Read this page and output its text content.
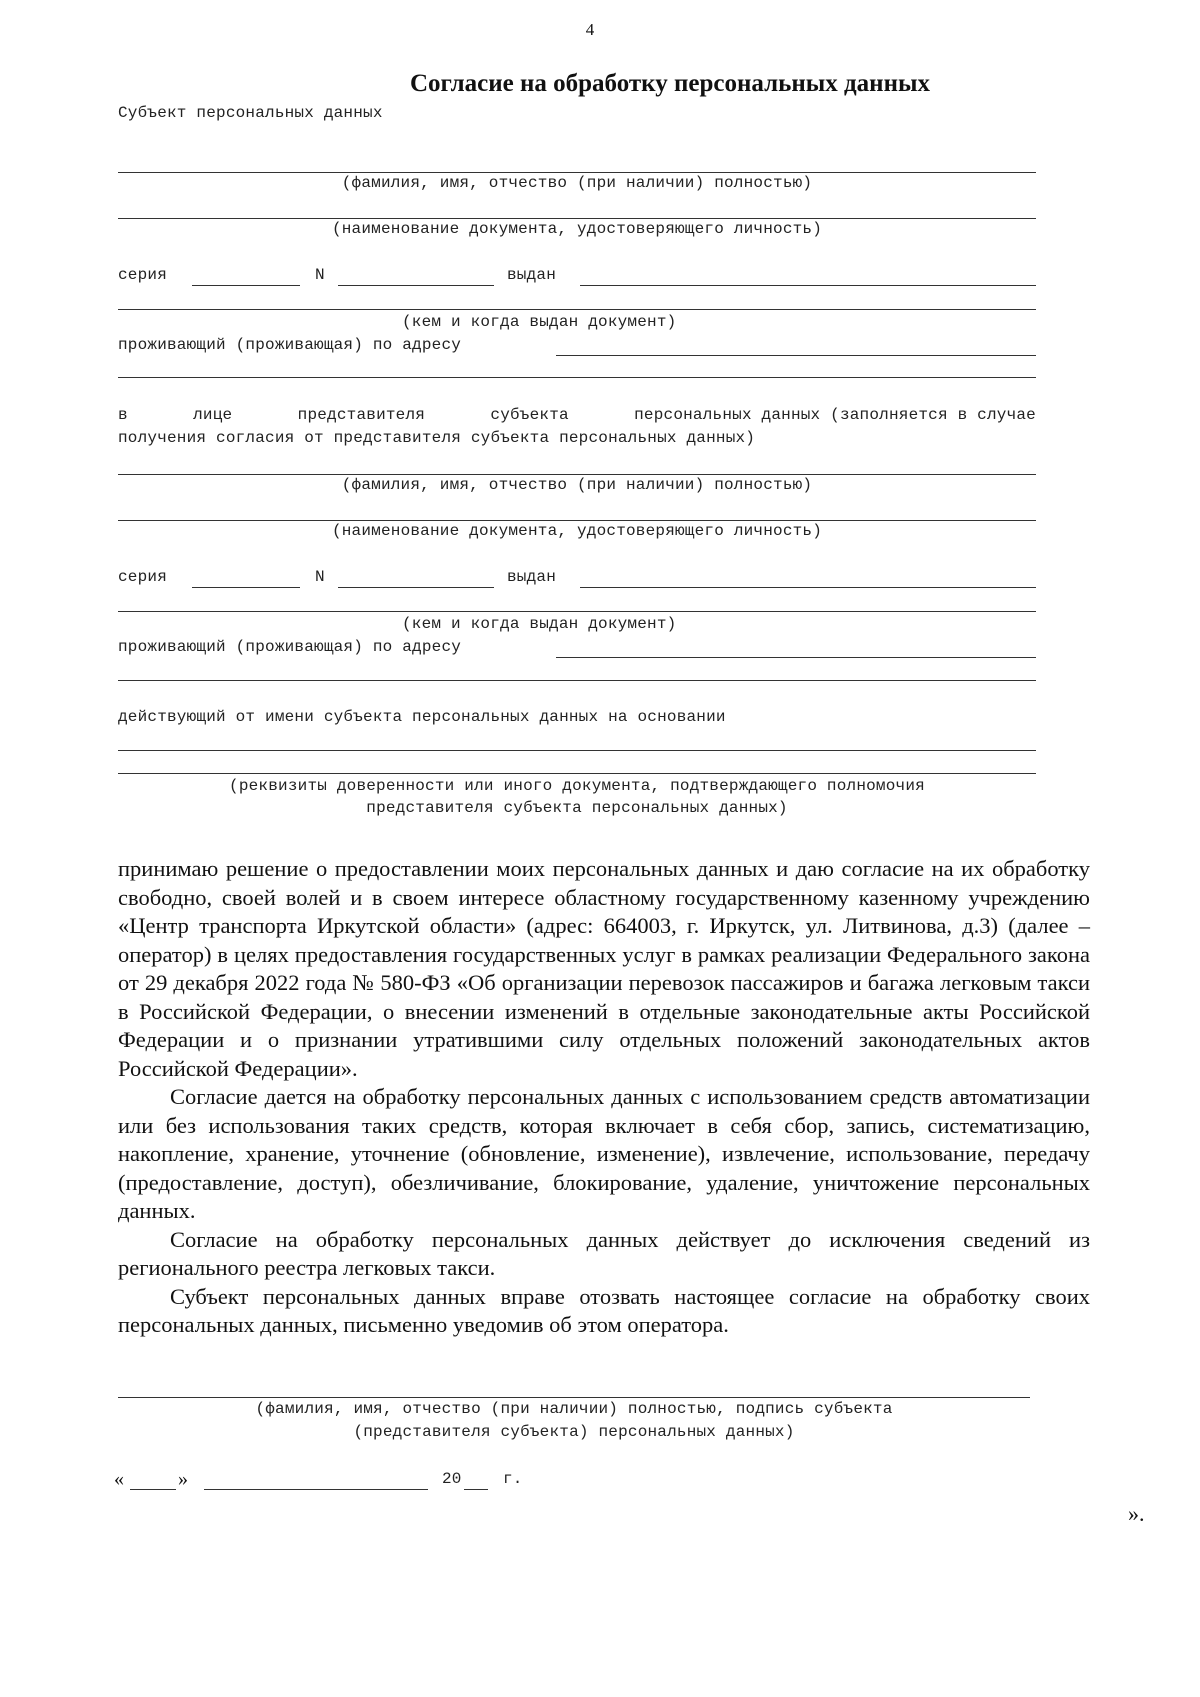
4
Согласие на обработку персональных данных
Субъект персональных данных
(фамилия, имя, отчество (при наличии) полностью)
(наименование документа, удостоверяющего личность)
серия	N	выдан
(кем и когда выдан документ)
проживающий (проживающая) по адресу
в	лице	представителя	субъекта	персональных данных (заполняется в случае
получения согласия от представителя субъекта персональных данных)
(фамилия, имя, отчество (при наличии) полностью)
(наименование документа, удостоверяющего личность)
серия	N	выдан
(кем и когда выдан документ)
проживающий (проживающая) по адресу
действующий от имени субъекта персональных данных на основании
(реквизиты доверенности или иного документа, подтверждающего полномочия
представителя субъекта персональных данных)

принимаю решение о предоставлении моих персональных данных и даю согласие на их обработку свободно, своей волей и в своем интересе областному государственному казенному учреждению «Центр транспорта Иркутской области» (адрес: 664003, г. Иркутск, ул. Литвинова, д.3) (далее – оператор) в целях предоставления государственных услуг в рамках реализации Федерального закона от 29 декабря 2022 года № 580-ФЗ «Об организации перевозок пассажиров и багажа легковым такси в Российской Федерации, о внесении изменений в отдельные законодательные акты Российской Федерации и о признании утратившими силу отдельных положений законодательных актов Российской Федерации».

Согласие дается на обработку персональных данных с использованием средств автоматизации или без использования таких средств, которая включает в себя сбор, запись, систематизацию, накопление, хранение, уточнение (обновление, изменение), извлечение, использование, передачу (предоставление, доступ), обезличивание, блокирование, удаление, уничтожение персональных данных.

Согласие на обработку персональных данных действует до исключения сведений из регионального реестра легковых такси.

Субъект персональных данных вправе отозвать настоящее согласие на обработку своих персональных данных, письменно уведомив об этом оператора.

(фамилия, имя, отчество (при наличии) полностью, подпись субъекта
(представителя субъекта) персональных данных)
«	»	20	г.
».
